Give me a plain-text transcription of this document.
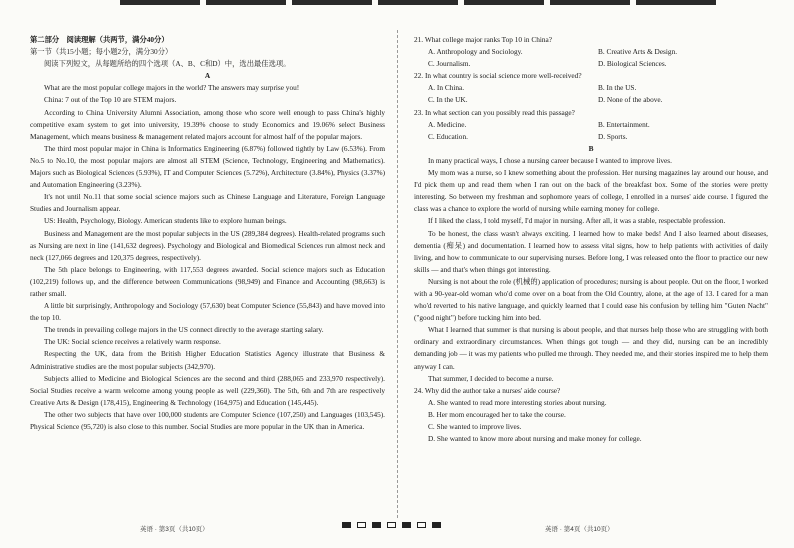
第二部分　阅读理解（共两节，满分40分）

第一节（共15小题；每小题2分，满分30分）

阅读下列短文，从每题所给的四个选项（A、B、C和D）中，选出最佳选项。

A

What are the most popular college majors in the world? The answers may surprise you!

China: 7 out of the Top 10 are STEM majors.

According to China University Alumni Association, among those who score well enough to pass China's highly competitive exam system to get into university, 19.39% choose to study Economics and 19.06% select Business Management, which means business & management related majors account for almost half of the popular majors.

The third most popular major in China is Informatics Engineering (6.87%) followed tightly by Law (6.53%). From No.5 to No.10, the most popular majors are almost all STEM (Science, Technology, Engineering and Mathematics). Majors such as Biological Sciences (5.93%), IT and Computer Sciences (5.72%), Architecture (3.84%), Physics (3.37%) and Automation Engineering (3.23%).

It's not until No.11 that some social science majors such as Chinese Language and Literature, Foreign Language Studies and Journalism appear.

US: Health, Psychology, Biology. American students like to explore human beings.

Business and Management are the most popular subjects in the US (289,384 degrees). Health-related programs such as Nursing are next in line (141,632 degrees). Psychology and Biological and Biomedical Sciences run almost neck and neck (127,066 degrees and 120,375 degrees, respectively).

The 5th place belongs to Engineering, with 117,553 degrees awarded. Social science majors such as Education (102,219) follows up, and the difference between Communications (98,949) and Finance and Accounting (98,663) is rather small.

A little bit surprisingly, Anthropology and Sociology (57,630) beat Computer Science (55,843) and have moved into the top 10.

The trends in prevailing college majors in the US connect directly to the average starting salary.

The UK: Social science receives a relatively warm response.

Respecting the UK, data from the British Higher Education Statistics Agency illustrate that Business & Administrative studies are the most popular subjects (342,970).

Subjects allied to Medicine and Biological Sciences are the second and third (288,065 and 233,970 respectively). Social Studies receive a warm welcome among young people as well (229,360). The 5th, 6th and 7th are respectively Creative Arts & Design (178,415), Engineering & Technology (164,975) and Education (145,445).

The other two subjects that have over 100,000 students are Computer Science (107,250) and Languages (103,545). Physical Science (95,720) is also close to this number. Social Studies are more popular in the UK than in America.

21. What college major ranks Top 10 in China?

A. Anthropology and Sociology.	B. Creative Arts & Design.
C. Journalism.	D. Biological Sciences.

22. In what country is social science more well-received?

A. In China.	B. In the US.
C. In the UK.	D. None of the above.

23. In what section can you possibly read this passage?

A. Medicine.	B. Entertainment.
C. Education.	D. Sports.

B

In many practical ways, I chose a nursing career because I wanted to improve lives.

My mom was a nurse, so I knew something about the profession. Her nursing magazines lay around our house, and I'd pick them up and read them when I ran out on the back of the breakfast box. Some of the stories were pretty interesting. So between my freshman and sophomore years of college, I enrolled in a nurses' aide course. I figured the class was a chance to explore the world of nursing while earning money for college.

If I liked the class, I told myself, I'd major in nursing. After all, it was a stable, respectable profession.

To be honest, the class wasn't always exciting. I learned how to make beds! And I also learned about diseases, dementia (痴呆) and documentation. I learned how to assess vital signs, how to help patients with activities of daily living, and how to communicate to our supervising nurses. Before long, I was released onto the floor to practice our new skills — and that's when things got interesting.

Nursing is not about the role (机械的) application of procedures; nursing is about people. Out on the floor, I worked with a 90-year-old woman who'd come over on a boat from the Old Country, alone, at the age of 13. I cared for a man who'd reverted to his native language, and quickly learned that I could ease his confusion by telling him "Guten Nacht" ("good night") before tucking him into bed.

What I learned that summer is that nursing is about people, and that nurses help those who are struggling with both ordinary and extraordinary circumstances. When things got tough — and they did, nursing can be an incredibly demanding job — it was my patients who pulled me through. They needed me, and their stories inspired me to help them anyway I can.

That summer, I decided to become a nurse.

24. Why did the author take a nurses' aide course?

A. She wanted to read more interesting stories about nursing.
B. Her mom encouraged her to take the course.
C. She wanted to improve lives.
D. She wanted to know more about nursing and make money for college.
英语 · 第3页（共10页）	英语 · 第4页（共10页）
